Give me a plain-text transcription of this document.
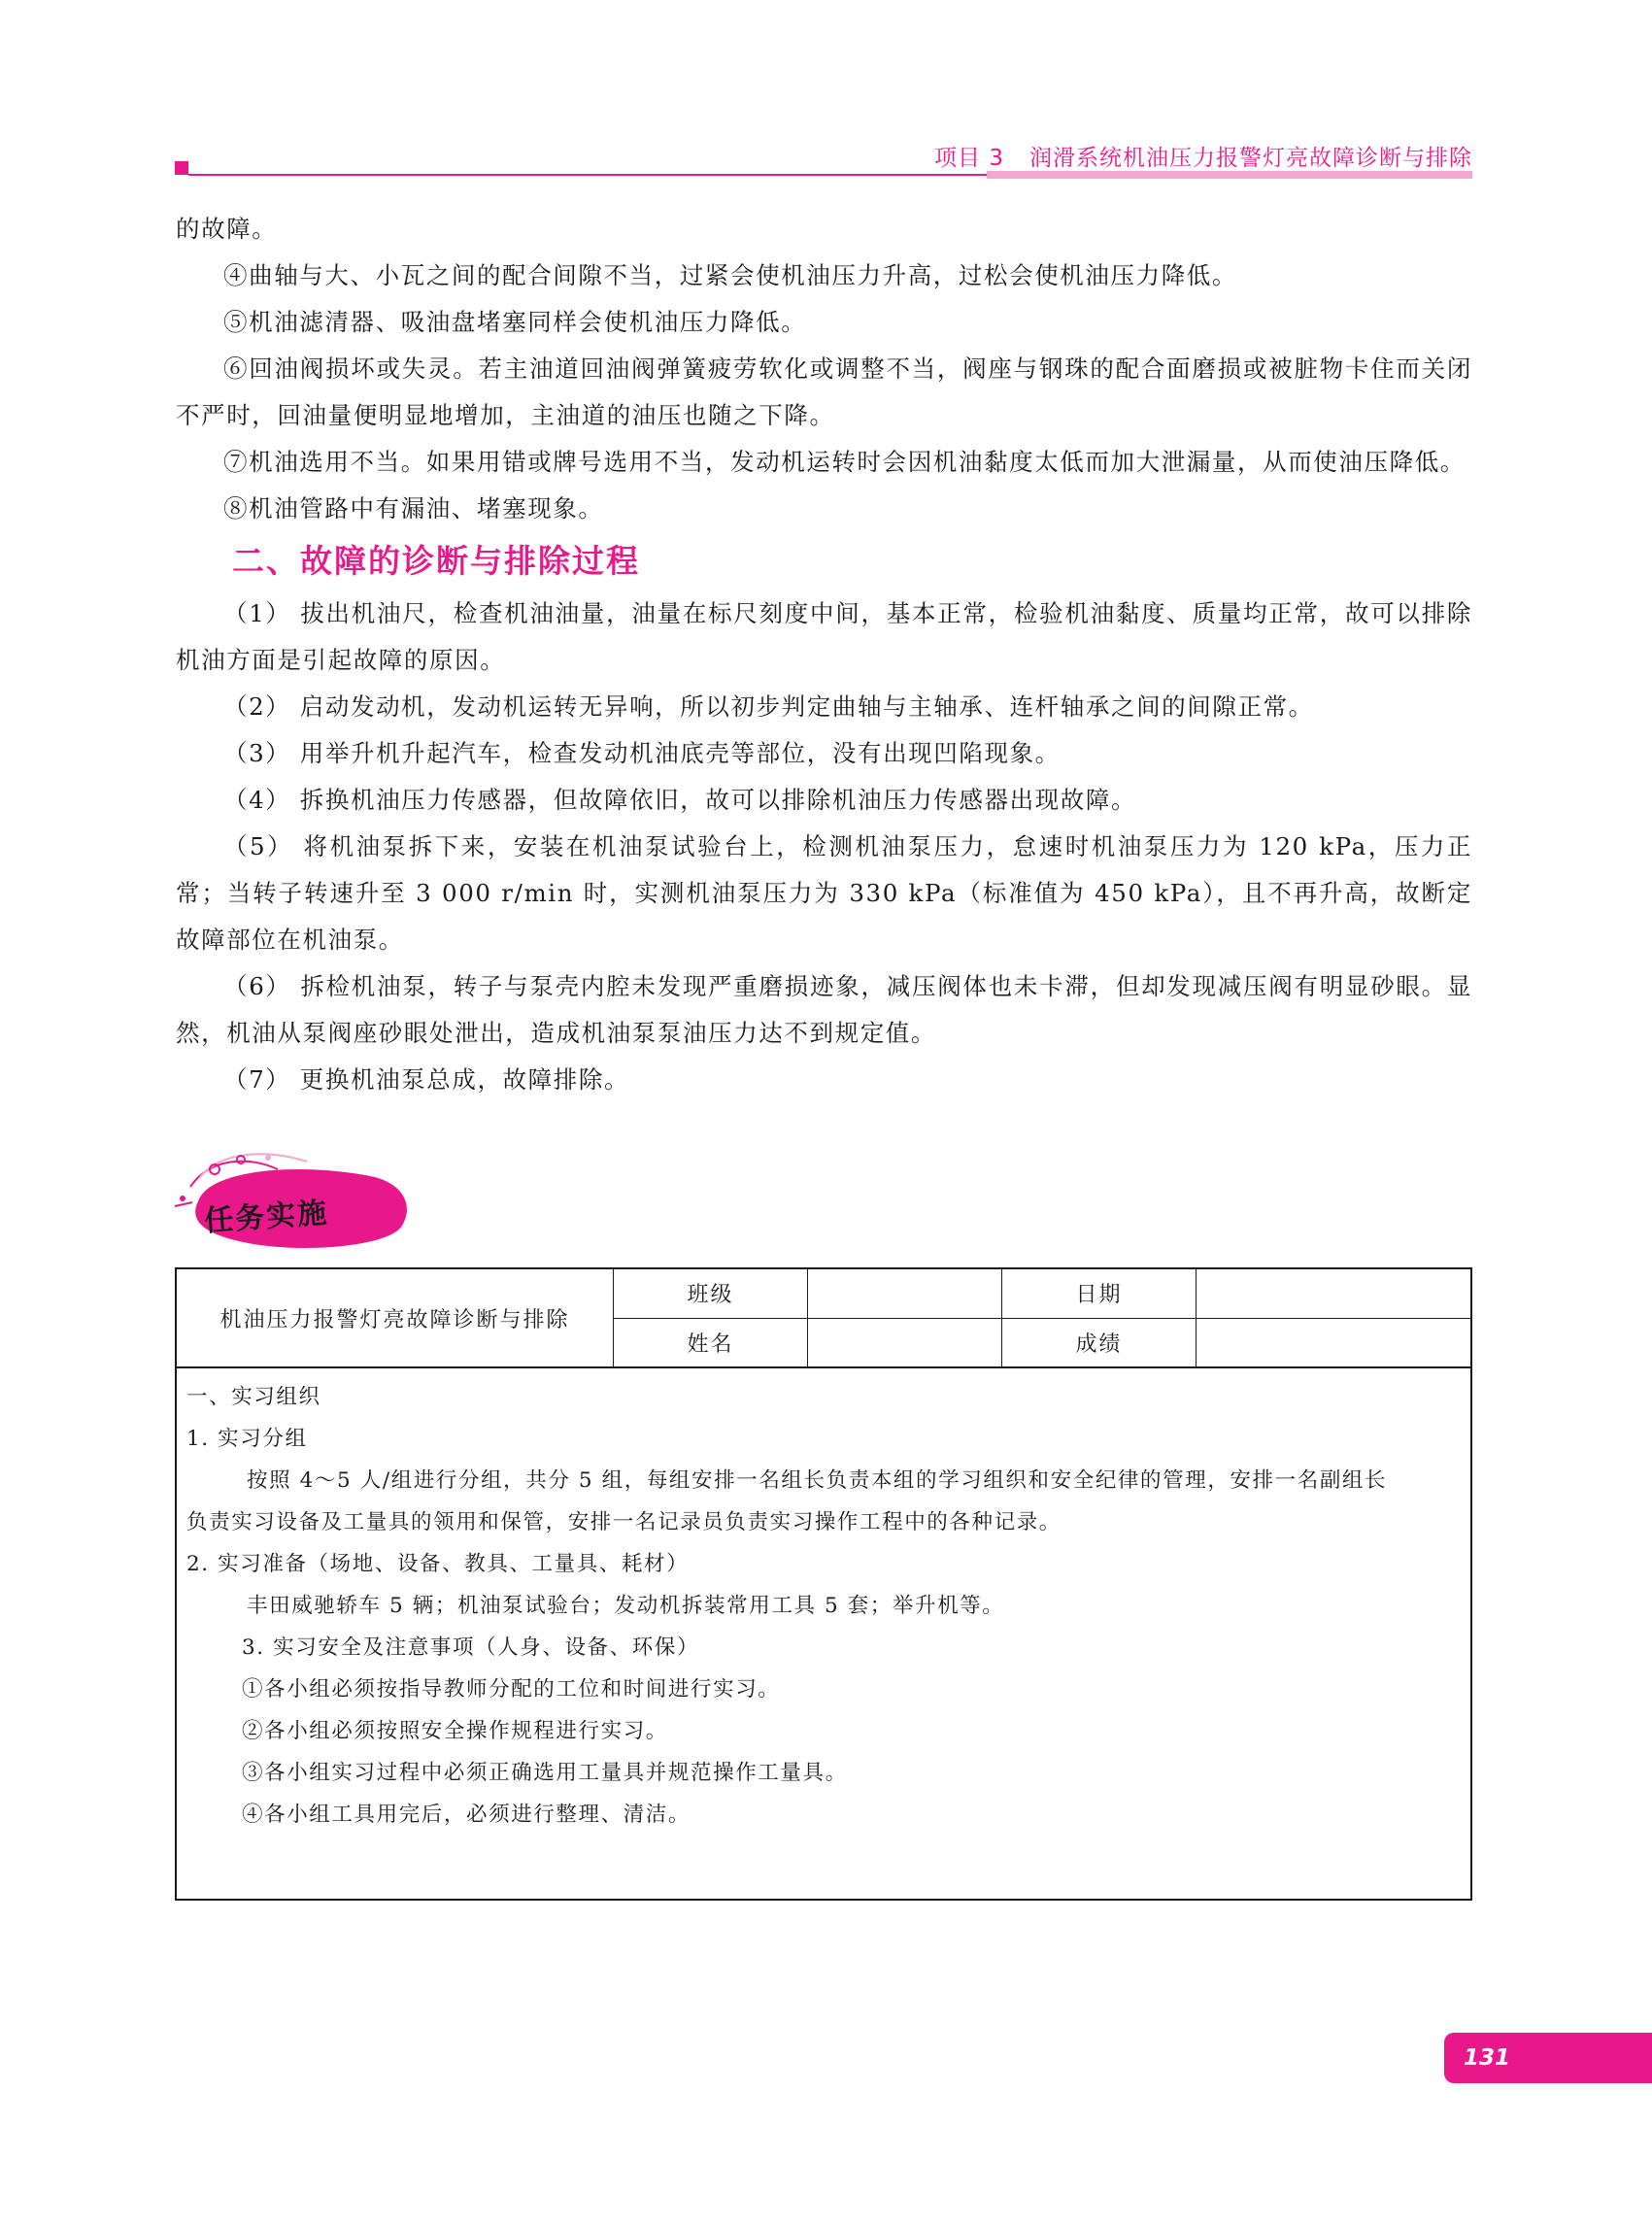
项目 3 润滑系统机油压力报警灯亮故障诊断与排除
的故障。
④曲轴与大、小瓦之间的配合间隙不当，过紧会使机油压力升高，过松会使机油压力降低。
⑤机油滤清器、吸油盘堵塞同样会使机油压力降低。
⑥回油阀损坏或失灵。若主油道回油阀弹簧疲劳软化或调整不当，阀座与钢珠的配合面磨损或被脏物卡住而关闭不严时，回油量便明显地增加，主油道的油压也随之下降。
⑦机油选用不当。如果用错或牌号选用不当，发动机运转时会因机油黏度太低而加大泄漏量，从而使油压降低。
⑧机油管路中有漏油、堵塞现象。
二、故障的诊断与排除过程
（1） 拔出机油尺，检查机油油量，油量在标尺刻度中间，基本正常，检验机油黏度、质量均正常，故可以排除机油方面是引起故障的原因。
（2） 启动发动机，发动机运转无异响，所以初步判定曲轴与主轴承、连杆轴承之间的间隙正常。
（3） 用举升机升起汽车，检查发动机油底壳等部位，没有出现凹陷现象。
（4） 拆换机油压力传感器，但故障依旧，故可以排除机油压力传感器出现故障。
（5） 将机油泵拆下来，安装在机油泵试验台上，检测机油泵压力，怠速时机油泵压力为 120 kPa，压力正常；当转子转速升至 3 000 r/min 时，实测机油泵压力为 330 kPa（标准值为 450 kPa），且不再升高，故断定故障部位在机油泵。
（6） 拆检机油泵，转子与泵壳内腔未发现严重磨损迹象，减压阀体也未卡滞，但却发现减压阀有明显砂眼。显然，机油从泵阀座砂眼处泄出，造成机油泵泵油压力达不到规定值。
（7） 更换机油泵总成，故障排除。
任务实施
机油压力报警灯亮故障诊断与排除
班级
姓名
日期
成绩
一、实习组织
1. 实习分组
按照 4～5 人/组进行分组，共分 5 组，每组安排一名组长负责本组的学习组织和安全纪律的管理，安排一名副组长
负责实习设备及工量具的领用和保管，安排一名记录员负责实习操作工程中的各种记录。
2. 实习准备（场地、设备、教具、工量具、耗材）
丰田威驰轿车 5 辆；机油泵试验台；发动机拆装常用工具 5 套；举升机等。
3. 实习安全及注意事项（人身、设备、环保）
①各小组必须按指导教师分配的工位和时间进行实习。
②各小组必须按照安全操作规程进行实习。
③各小组实习过程中必须正确选用工量具并规范操作工量具。
④各小组工具用完后，必须进行整理、清洁。
131
